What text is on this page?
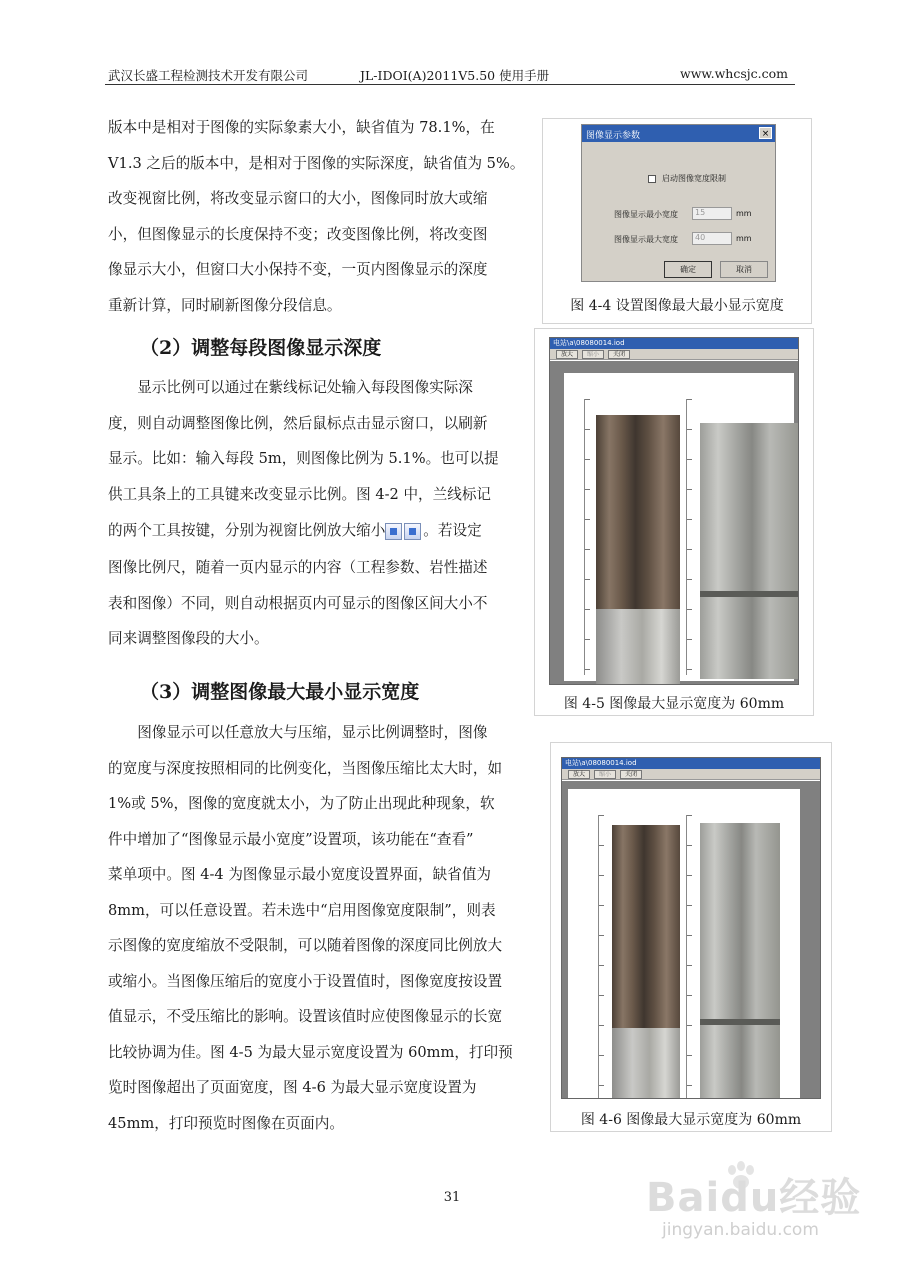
武汉长盛工程检测技术开发有限公司	JL-IDOI(A)2011V5.50 使用手册	www.whcsjc.com

版本中是相对于图像的实际象素大小，缺省值为 78.1%，在

V1.3 之后的版本中，是相对于图像的实际深度，缺省值为 5%。

改变视窗比例，将改变显示窗口的大小，图像同时放大或缩

小，但图像显示的长度保持不变；改变图像比例，将改变图

像显示大小，但窗口大小保持不变，一页内图像显示的深度

重新计算，同时刷新图像分段信息。

（2）调整每段图像显示深度

显示比例可以通过在紫线标记处输入每段图像实际深

度，则自动调整图像比例，然后鼠标点击显示窗口，以刷新

显示。比如：输入每段 5m，则图像比例为 5.1%。也可以提

供工具条上的工具键来改变显示比例。图 4-2 中，兰线标记

的两个工具按键，分别为视窗比例放大缩小	。若设定

图像比例尺，随着一页内显示的内容（工程参数、岩性描述

表和图像）不同，则自动根据页内可显示的图像区间大小不

同来调整图像段的大小。

（3）调整图像最大最小显示宽度

图像显示可以任意放大与压缩，显示比例调整时，图像

的宽度与深度按照相同的比例变化，当图像压缩比太大时，如

1%或 5%，图像的宽度就太小，为了防止出现此种现象，软

件中增加了“图像显示最小宽度”设置项，该功能在“查看”

菜单项中。图 4-4 为图像显示最小宽度设置界面，缺省值为

8mm，可以任意设置。若未选中“启用图像宽度限制”，则表

示图像的宽度缩放不受限制，可以随着图像的深度同比例放大

或缩小。当图像压缩后的宽度小于设置值时，图像宽度按设置

值显示，不受压缩比的影响。设置该值时应使图像显示的长宽

比较协调为佳。图 4-5 为最大显示宽度设置为 60mm，打印预

览时图像超出了页面宽度，图 4-6 为最大显示宽度设置为

45mm，打印预览时图像在页面内。

图像显示参数	×
启动图像宽度限制
图像显示最小宽度	15	mm
图像显示最大宽度	40	mm
确定	取消
图 4-4 设置图像最大最小显示宽度
电站\a\08080014.iod
放大	缩小	关闭
图 4-5 图像最大显示宽度为 60mm
电站\a\08080014.iod
放大	缩小	关闭
图 4-6 图像最大显示宽度为 60mm
31	Baidu经验
jingyan.baidu.com
